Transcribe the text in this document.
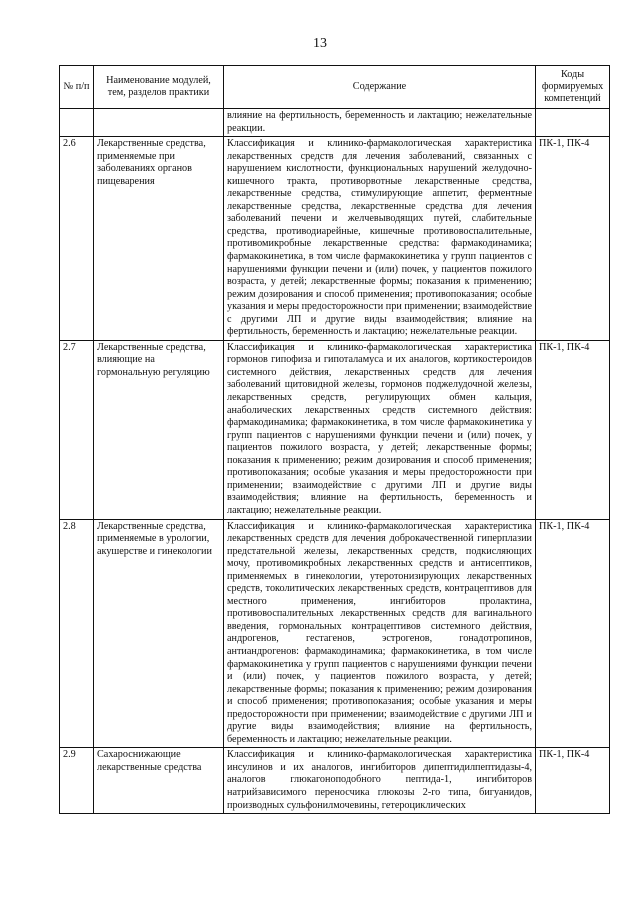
13
№ п/п	Наименование модулей, тем, разделов практики	Содержание	Коды формируемых компетенций
		влияние на фертильность, беременность и лактацию; нежелательные реакции.	
2.6	Лекарственные средства, применяемые при заболеваниях органов пищеварения	Классификация и клинико-фармакологическая характеристика лекарственных средств для лечения заболеваний, связанных с нарушением кислотности, функциональных нарушений желудочно-кишечного тракта, противорвотные лекарственные средства, лекарственные средства, стимулирующие аппетит, ферментные лекарственные средства, лекарственные средства для лечения заболеваний печени и желчевыводящих путей, слабительные средства, противодиарейные, кишечные противовоспалительные, противомикробные лекарственные средства: фармакодинамика; фармакокинетика, в том числе фармакокинетика у групп пациентов с нарушениями функции печени и (или) почек, у пациентов пожилого возраста, у детей; лекарственные формы; показания к применению; режим дозирования и способ применения; противопоказания; особые указания и меры предосторожности при применении; взаимодействие с другими ЛП и другие виды взаимодействия; влияние на фертильность, беременность и лактацию; нежелательные реакции.	ПК-1, ПК-4
2.7	Лекарственные средства, влияющие на гормональную регуляцию	Классификация и клинико-фармакологическая характеристика гормонов гипофиза и гипоталамуса и их аналогов, кортикостероидов системного действия, лекарственных средств для лечения заболеваний щитовидной железы, гормонов поджелудочной железы, лекарственных средств, регулирующих обмен кальция, анаболических лекарственных средств системного действия: фармакодинамика; фармакокинетика, в том числе фармакокинетика у групп пациентов с нарушениями функции печени и (или) почек, у пациентов пожилого возраста, у детей; лекарственные формы; показания к применению; режим дозирования и способ применения; противопоказания; особые указания и меры предосторожности при применении; взаимодействие с другими ЛП и другие виды взаимодействия; влияние на фертильность, беременность и лактацию; нежелательные реакции.	ПК-1, ПК-4
2.8	Лекарственные средства, применяемые в урологии, акушерстве и гинекологии	Классификация и клинико-фармакологическая характеристика лекарственных средств для лечения доброкачественной гиперплазии предстательной железы, лекарственных средств, подкисляющих мочу, противомикробных лекарственных средств и антисептиков, применяемых в гинекологии, утеротонизирующих лекарственных средств, токолитических лекарственных средств, контрацептивов для местного применения, ингибиторов пролактина, противовоспалительных лекарственных средств для вагинального введения, гормональных контрацептивов системного действия, андрогенов, гестагенов, эстрогенов, гонадотропинов, антиандрогенов: фармакодинамика; фармакокинетика, в том числе фармакокинетика у групп пациентов с нарушениями функции печени и (или) почек, у пациентов пожилого возраста, у детей; лекарственные формы; показания к применению; режим дозирования и способ применения; противопоказания; особые указания и меры предосторожности при применении; взаимодействие с другими ЛП и другие виды взаимодействия; влияние на фертильность, беременность и лактацию; нежелательные реакции.	ПК-1, ПК-4
2.9	Сахароснижающие лекарственные средства	Классификация и клинико-фармакологическая характеристика инсулинов и их аналогов, ингибиторов дипептидилпептидазы-4, аналогов глюкагоноподобного пептида-1, ингибиторов натрийзависимого переносчика глюкозы 2-го типа, бигуанидов, производных сульфонилмочевины, гетероциклических	ПК-1, ПК-4
